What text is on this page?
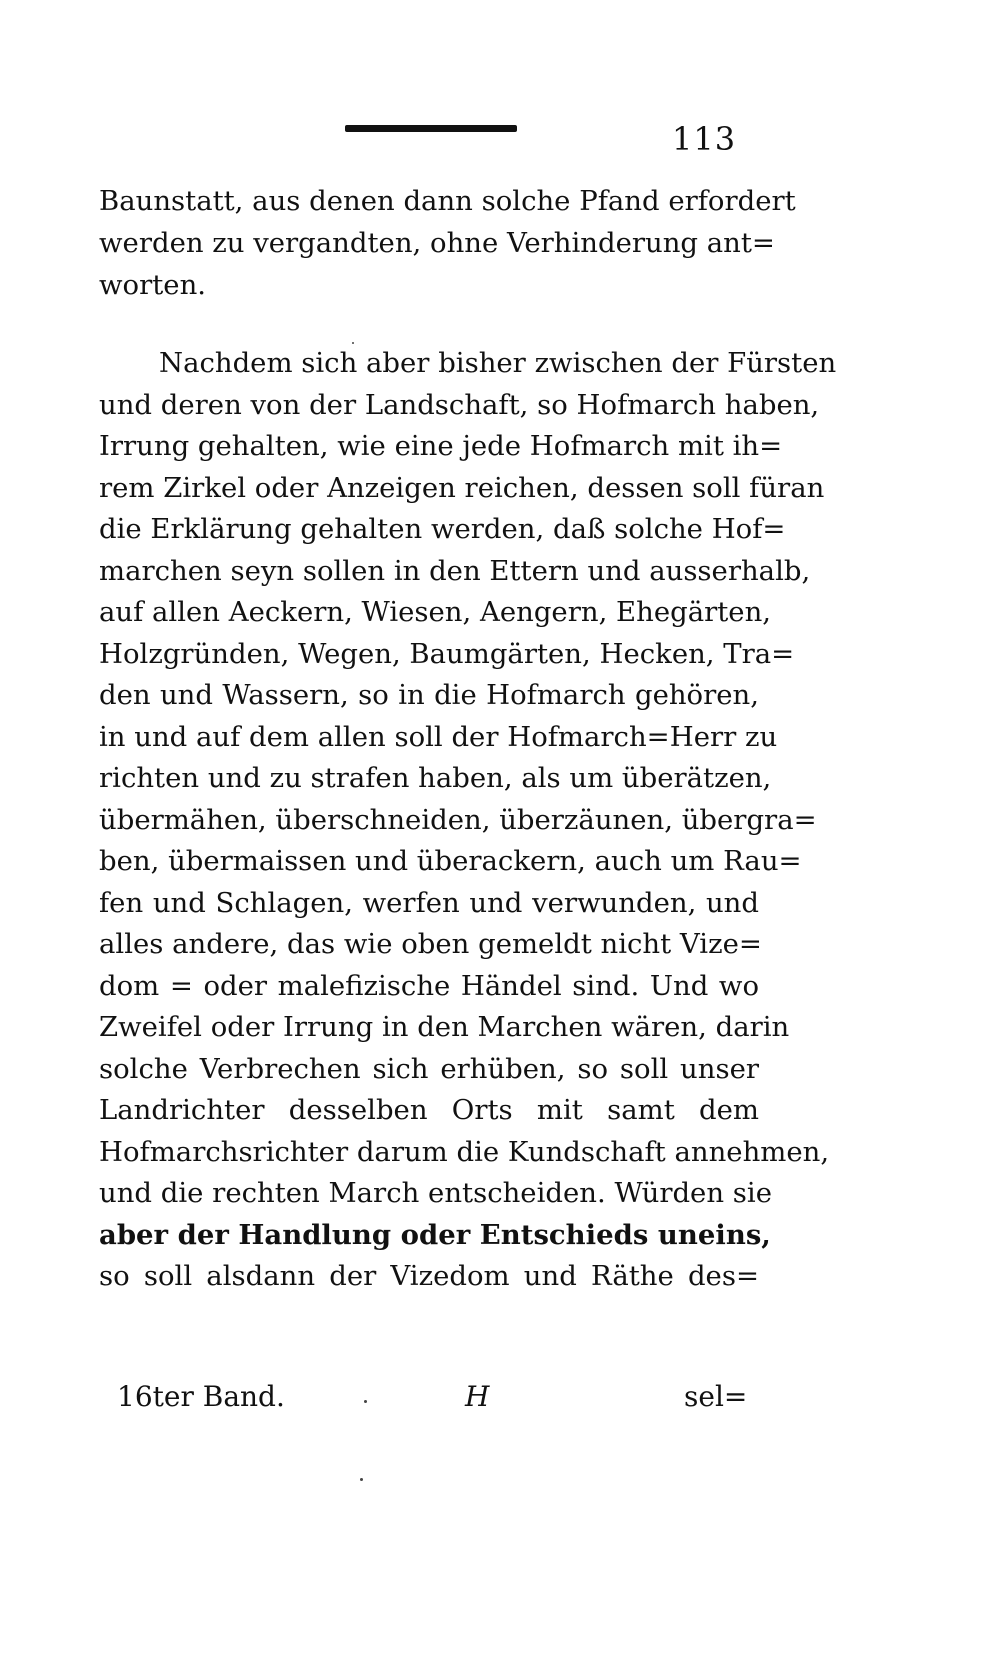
113
Baunstatt, aus denen dann solche Pfand erfordert
werden zu vergandten, ohne Verhinderung ant=
worten.
Nachdem sich aber bisher zwischen der Fürsten
und deren von der Landschaft, so Hofmarch haben,
Irrung gehalten, wie eine jede Hofmarch mit ih=
rem Zirkel oder Anzeigen reichen, dessen soll füran
die Erklärung gehalten werden, daß solche Hof=
marchen seyn sollen in den Ettern und ausserhalb,
auf allen Aeckern, Wiesen, Aengern, Ehegärten,
Holzgründen, Wegen, Baumgärten, Hecken, Tra=
den und Wassern, so in die Hofmarch gehören,
in und auf dem allen soll der Hofmarch=Herr zu
richten und zu strafen haben, als um überätzen,
übermähen, überschneiden, überzäunen, übergra=
ben, übermaissen und überackern, auch um Rau=
fen und Schlagen, werfen und verwunden, und
alles andere, das wie oben gemeldt nicht Vize=
dom = oder malefizische Händel sind. Und wo
Zweifel oder Irrung in den Marchen wären, darin
solche Verbrechen sich erhüben, so soll unser
Landrichter desselben Orts mit samt dem
Hofmarchsrichter darum die Kundschaft annehmen,
und die rechten March entscheiden. Würden sie
aber der Handlung oder Entschieds uneins,
so soll alsdann der Vizedom und Räthe des=
16ter Band.	H	sel=
